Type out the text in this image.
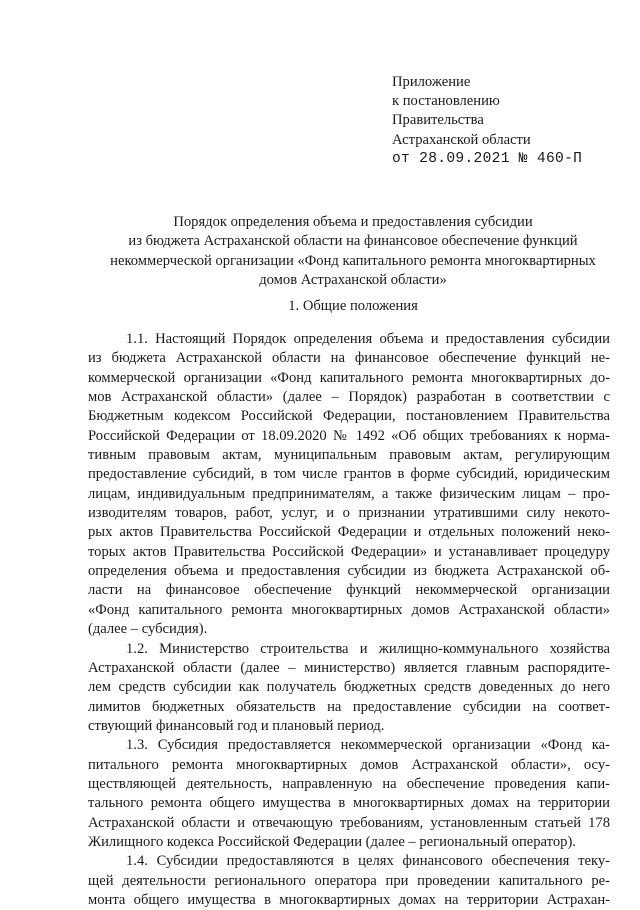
Приложение
к постановлению
Правительства
Астраханской области
от 28.09.2021 № 460-П
Порядок определения объема и предоставления субсидии
из бюджета Астраханской области на финансовое обеспечение функций
некоммерческой организации «Фонд капитального ремонта многоквартирных
домов Астраханской области»
1. Общие положения
1.1. Настоящий Порядок определения объема и предоставления субсидии
из бюджета Астраханской области на финансовое обеспечение функций не-
коммерческой организации «Фонд капитального ремонта многоквартирных до-
мов Астраханской области» (далее – Порядок) разработан в соответствии с
Бюджетным кодексом Российской Федерации, постановлением Правительства
Российской Федерации от 18.09.2020 № 1492 «Об общих требованиях к норма-
тивным правовым актам, муниципальным правовым актам, регулирующим
предоставление субсидий, в том числе грантов в форме субсидий, юридическим
лицам, индивидуальным предпринимателям, а также физическим лицам – про-
изводителям товаров, работ, услуг, и о признании утратившими силу некото-
рых актов Правительства Российской Федерации и отдельных положений неко-
торых актов Правительства Российской Федерации» и устанавливает процедуру
определения объема и предоставления субсидии из бюджета Астраханской об-
ласти на финансовое обеспечение функций некоммерческой организации
«Фонд капитального ремонта многоквартирных домов Астраханской области»
(далее – субсидия).
1.2. Министерство строительства и жилищно-коммунального хозяйства
Астраханской области (далее – министерство) является главным распорядите-
лем средств субсидии как получатель бюджетных средств доведенных до него
лимитов бюджетных обязательств на предоставление субсидии на соответ-
ствующий финансовый год и плановый период.
1.3. Субсидия предоставляется некоммерческой организации «Фонд ка-
питального ремонта многоквартирных домов Астраханской области», осу-
ществляющей деятельность, направленную на обеспечение проведения капи-
тального ремонта общего имущества в многоквартирных домах на территории
Астраханской области и отвечающую требованиям, установленным статьей 178
Жилищного кодекса Российской Федерации (далее – региональный оператор).
1.4. Субсидии предоставляются в целях финансового обеспечения теку-
щей деятельности регионального оператора при проведении капитального ре-
монта общего имущества в многоквартирных домах на территории Астрахан-
